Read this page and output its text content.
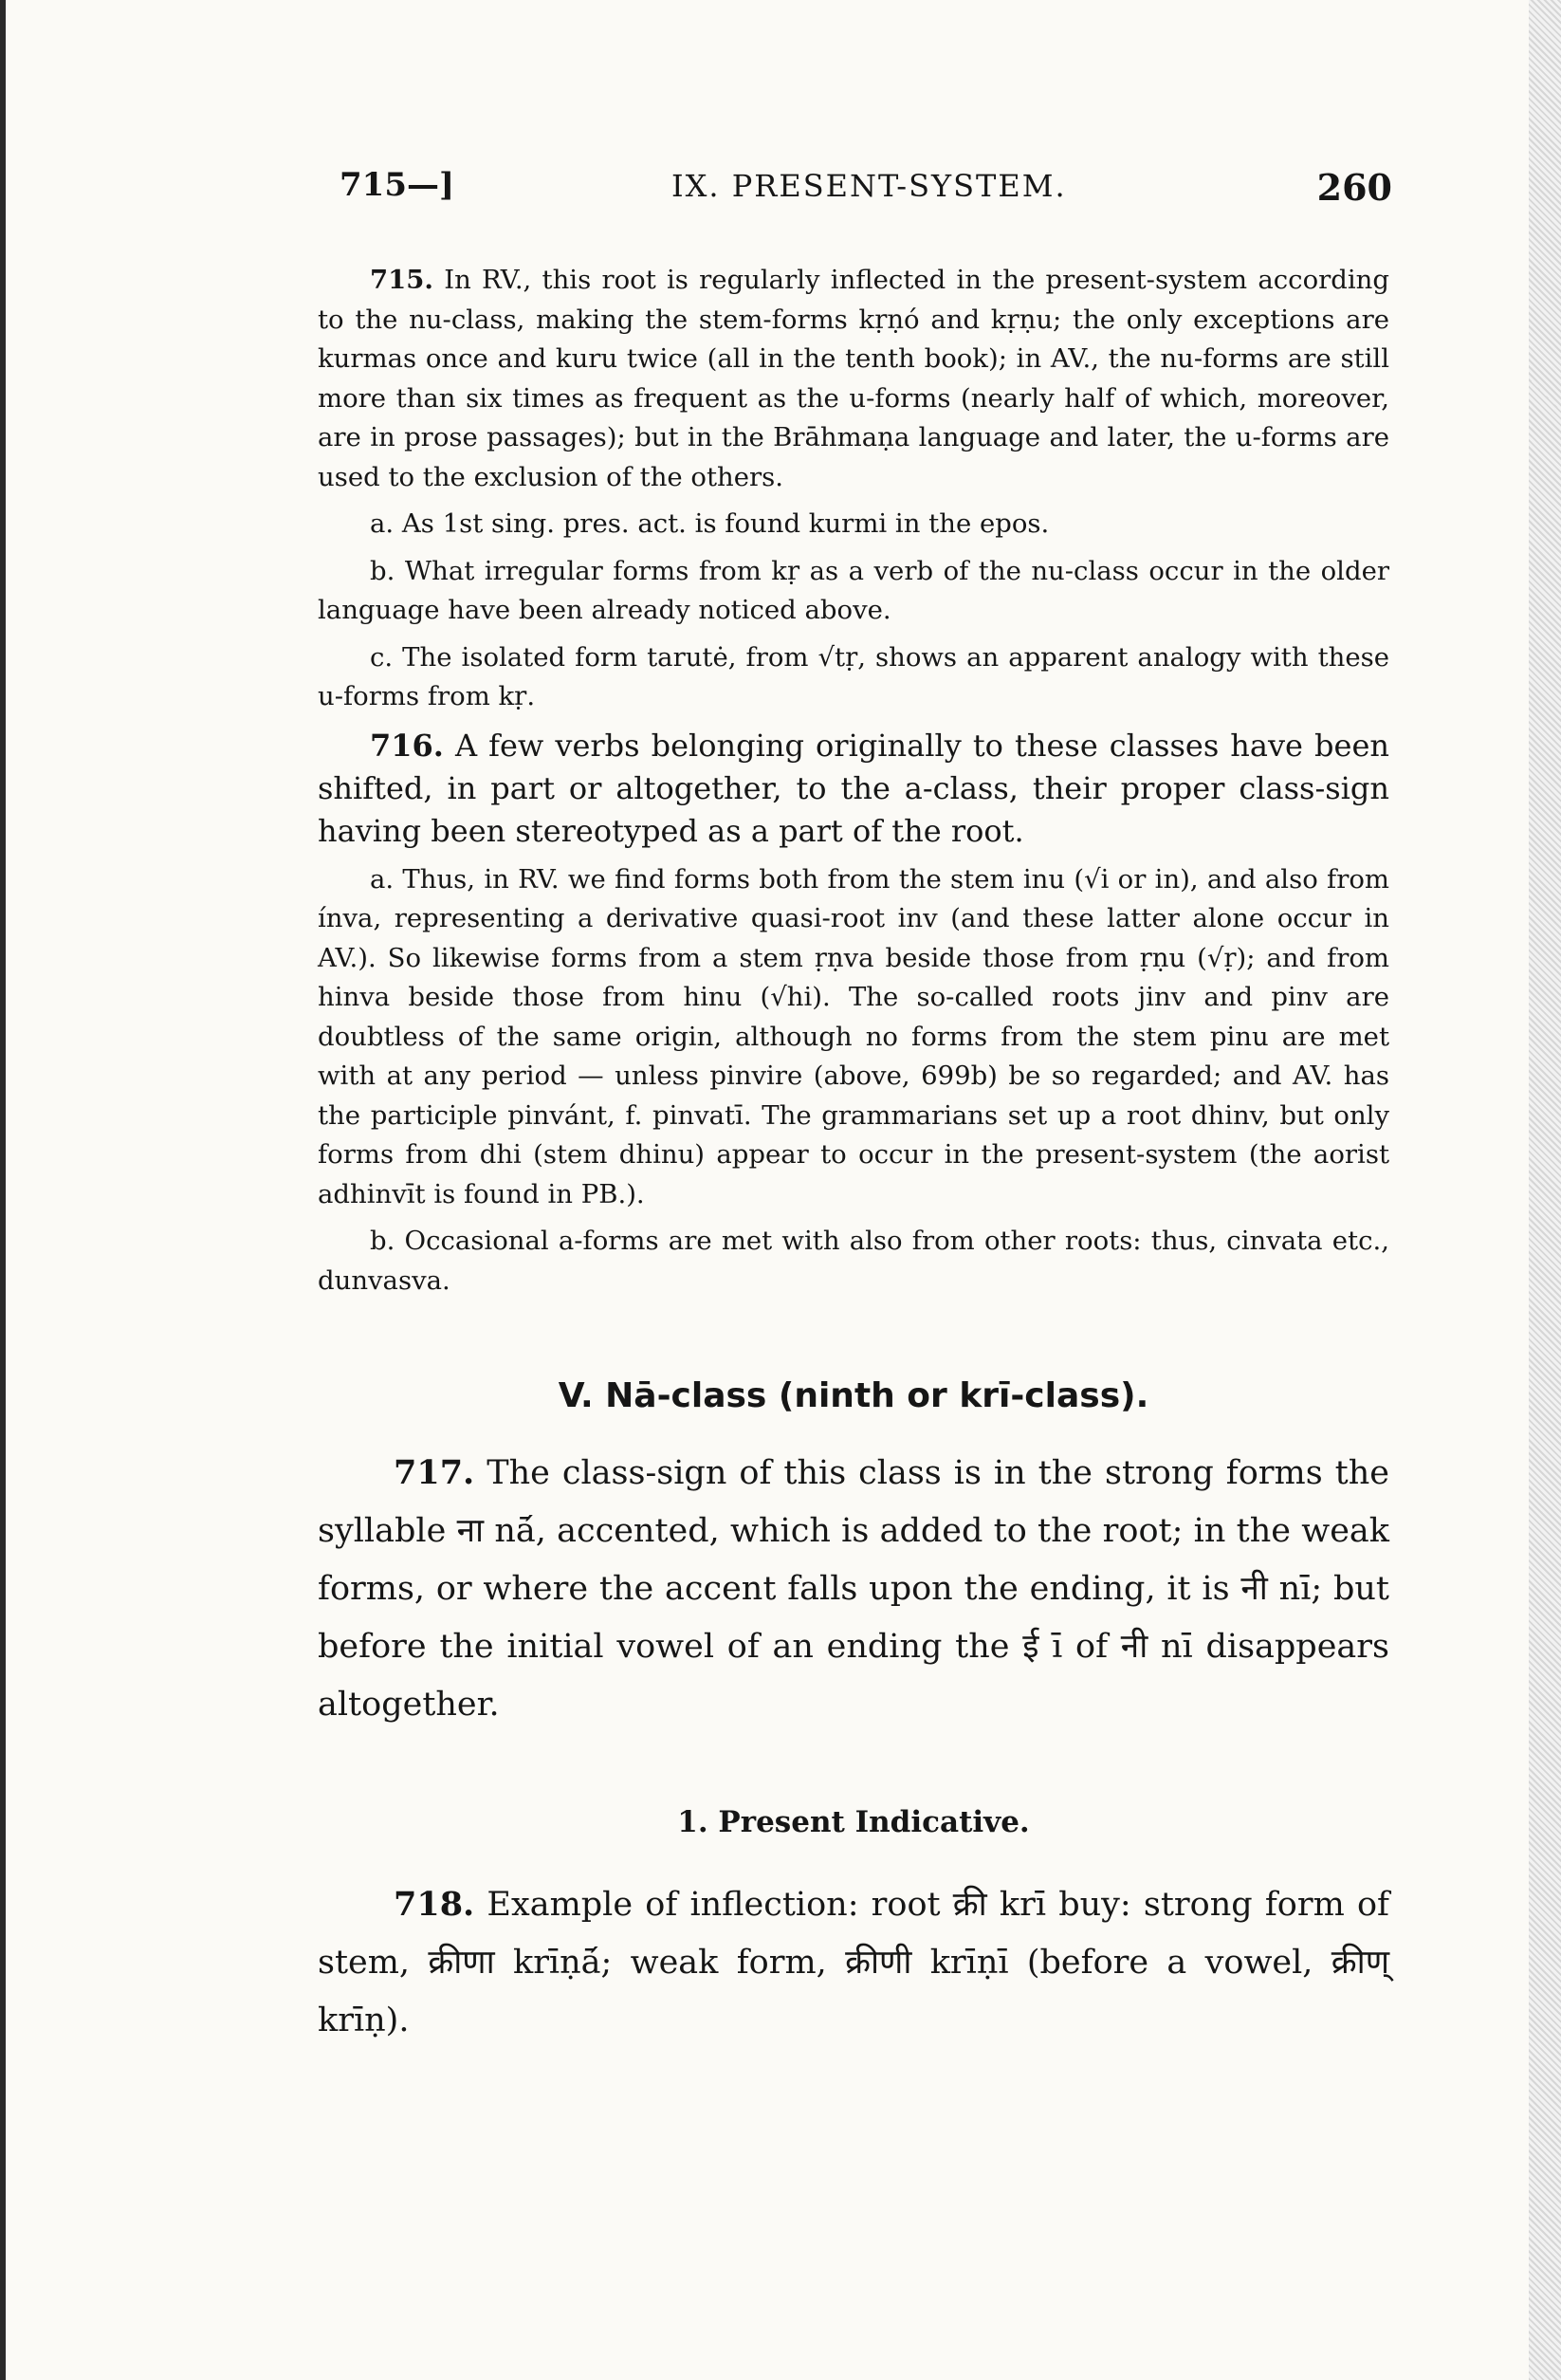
715—]	IX. PRESENT-SYSTEM.	260

715. In RV., this root is regularly inflected in the present-system according to the nu-class, making the stem-forms kṛṇó and kṛṇu; the only exceptions are kurmas once and kuru twice (all in the tenth book); in AV., the nu-forms are still more than six times as frequent as the u-forms (nearly half of which, moreover, are in prose passages); but in the Brāhmaṇa language and later, the u-forms are used to the exclusion of the others.

a. As 1st sing. pres. act. is found kurmi in the epos.

b. What irregular forms from kṛ as a verb of the nu-class occur in the older language have been already noticed above.

c. The isolated form tarutė, from √tṛ, shows an apparent analogy with these u-forms from kṛ.

716. A few verbs belonging originally to these classes have been shifted, in part or altogether, to the a-class, their proper class-sign having been stereotyped as a part of the root.

a. Thus, in RV. we find forms both from the stem inu (√i or in), and also from ínva, representing a derivative quasi-root inv (and these latter alone occur in AV.). So likewise forms from a stem ṛṇva beside those from ṛṇu (√ṛ); and from hinva beside those from hinu (√hi). The so-called roots jinv and pinv are doubtless of the same origin, although no forms from the stem pinu are met with at any period — unless pinvire (above, 699b) be so regarded; and AV. has the participle pinvánt, f. pinvatī. The grammarians set up a root dhinv, but only forms from dhi (stem dhinu) appear to occur in the present-system (the aorist adhinvīt is found in PB.).

b. Occasional a-forms are met with also from other roots: thus, cinvata etc., dunvasva.

V. Nā-class (ninth or krī-class).

717. The class-sign of this class is in the strong forms the syllable ना nā́, accented, which is added to the root; in the weak forms, or where the accent falls upon the ending, it is नी nī; but before the initial vowel of an ending the ई ī of नी nī disappears altogether.

1. Present Indicative.

718. Example of inflection: root क्री krī buy: strong form of stem, क्रीणा krīṇā́; weak form, क्रीणी krīṇī (before a vowel, क्रीण् krīṇ).
